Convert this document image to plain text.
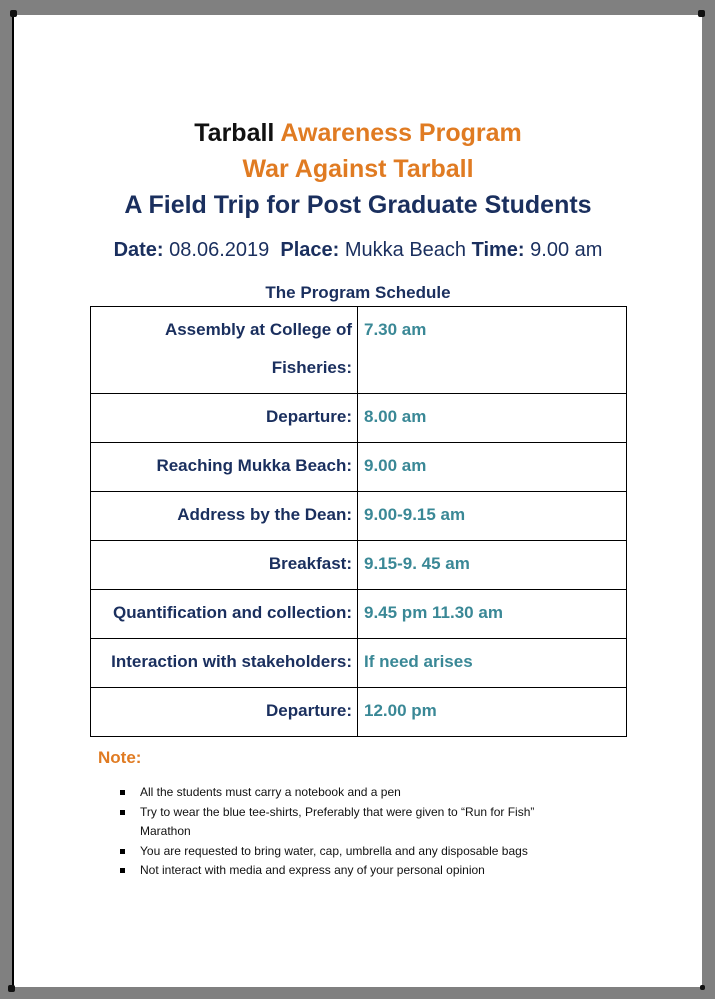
Tarball Awareness Program
War Against Tarball
A Field Trip for Post Graduate Students
Date: 08.06.2019 Place: Mukka Beach Time: 9.00 am
The Program Schedule
Assembly at College of Fisheries:	7.30 am
Departure:	8.00 am
Reaching Mukka Beach:	9.00 am
Address by the Dean:	9.00-9.15 am
Breakfast:	9.15-9. 45 am
Quantification and collection:	9.45 pm 11.30 am
Interaction with stakeholders:	If need arises
Departure:	12.00 pm
Note:
All the students must carry a notebook and a pen
Try to wear the blue tee-shirts, Preferably that were given to “Run for Fish” Marathon
You are requested to bring water, cap, umbrella and any disposable bags
Not interact with media and express any of your personal opinion
